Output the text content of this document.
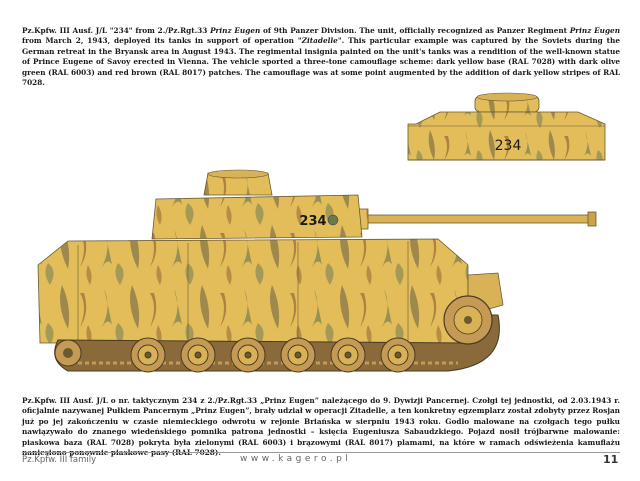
Pz.Kpfw. III Ausf. J/L "234" from 2./Pz.Rgt.33 Prinz Eugen of 9th Panzer Division. The unit, officially recognized as Panzer Regiment Prinz Eugen from March 2, 1943, deployed its tanks in support of operation "Zitadelle". This particular example was captured by the Soviets during the German retreat in the Bryansk area in August 1943. The regimental insignia painted on the unit's tanks was a rendition of the well-known statue of Prince Eugene of Savoy erected in Vienna. The vehicle sported a three-tone camouflage scheme: dark yellow base (RAL 7028) with dark olive green (RAL 6003) and red brown (RAL 8017) patches. The camouflage was at some point augmented by the addition of dark yellow stripes of RAL 7028.
234
234
Pz.Kpfw. III Ausf. J/L o nr. taktycznym 234 z 2./Pz.Rgt.33 „Prinz Eugen” należącego do 9. Dywizji Pancernej. Czołgi tej jednostki, od 2.03.1943 r. oficjalnie nazywanej Pułkiem Pancernym „Prinz Eugen”, brały udział w operacji Zitadelle, a ten konkretny egzemplarz został zdobyty przez Rosjan już po jej zakończeniu w czasie niemieckiego odwrotu w rejonie Briańska w sierpniu 1943 roku. Godlo malowane na czołgach tego pułku nawiązywało do znanego wiedeńskiego pomnika patrona jednostki – księcia Eugeniusza Sabaudzkiego. Pojazd nosił trójbarwne malowanie: piaskowa baza (RAL 7028) pokryta była zielonymi (RAL 6003) i brązowymi (RAL 8017) plamami, na które w ramach odświeżenia kamuflażu
Pz.Kpfw. III family	www.kagero.pl	11
